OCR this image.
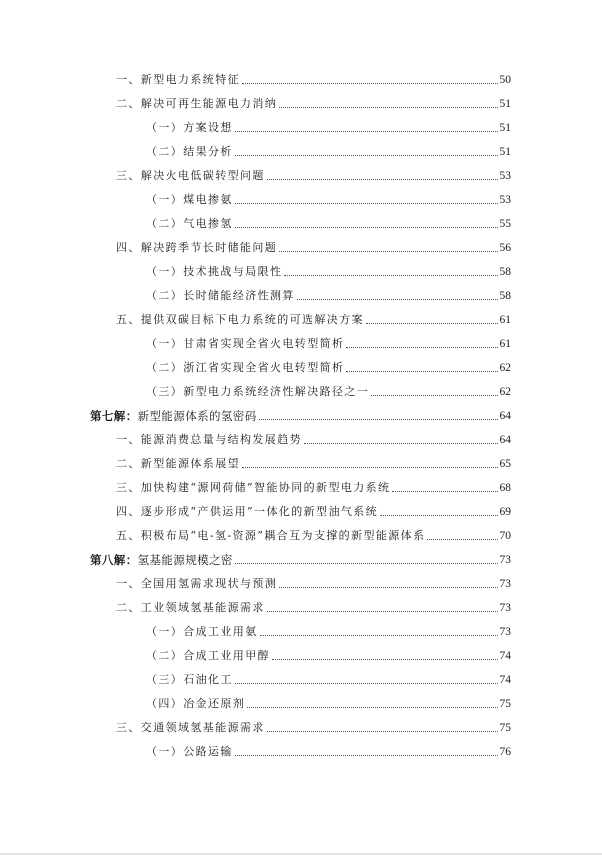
一、新型电力系统特征	50
二、解决可再生能源电力消纳	51
（一）方案设想	51
（二）结果分析	51
三、解决火电低碳转型问题	53
（一）煤电掺氨	53
（二）气电掺氢	55
四、解决跨季节长时储能问题	56
（一）技术挑战与局限性	58
（二）长时储能经济性测算	58
五、提供双碳目标下电力系统的可选解决方案	61
（一）甘肃省实现全省火电转型简析	61
（二）浙江省实现全省火电转型简析	62
（三）新型电力系统经济性解决路径之一	62
第七解：新型能源体系的氢密码	64
一、能源消费总量与结构发展趋势	64
二、新型能源体系展望	65
三、加快构建“源网荷储”智能协同的新型电力系统	68
四、逐步形成“产供运用”一体化的新型油气系统	69
五、积极布局“电-氢-资源”耦合互为支撑的新型能源体系	70
第八解：氢基能源规模之密	73
一、全国用氢需求现状与预测	73
二、工业领域氢基能源需求	73
（一）合成工业用氨	73
（二）合成工业用甲醇	74
（三）石油化工	74
（四）冶金还原剂	75
三、交通领域氢基能源需求	75
（一）公路运输	76
